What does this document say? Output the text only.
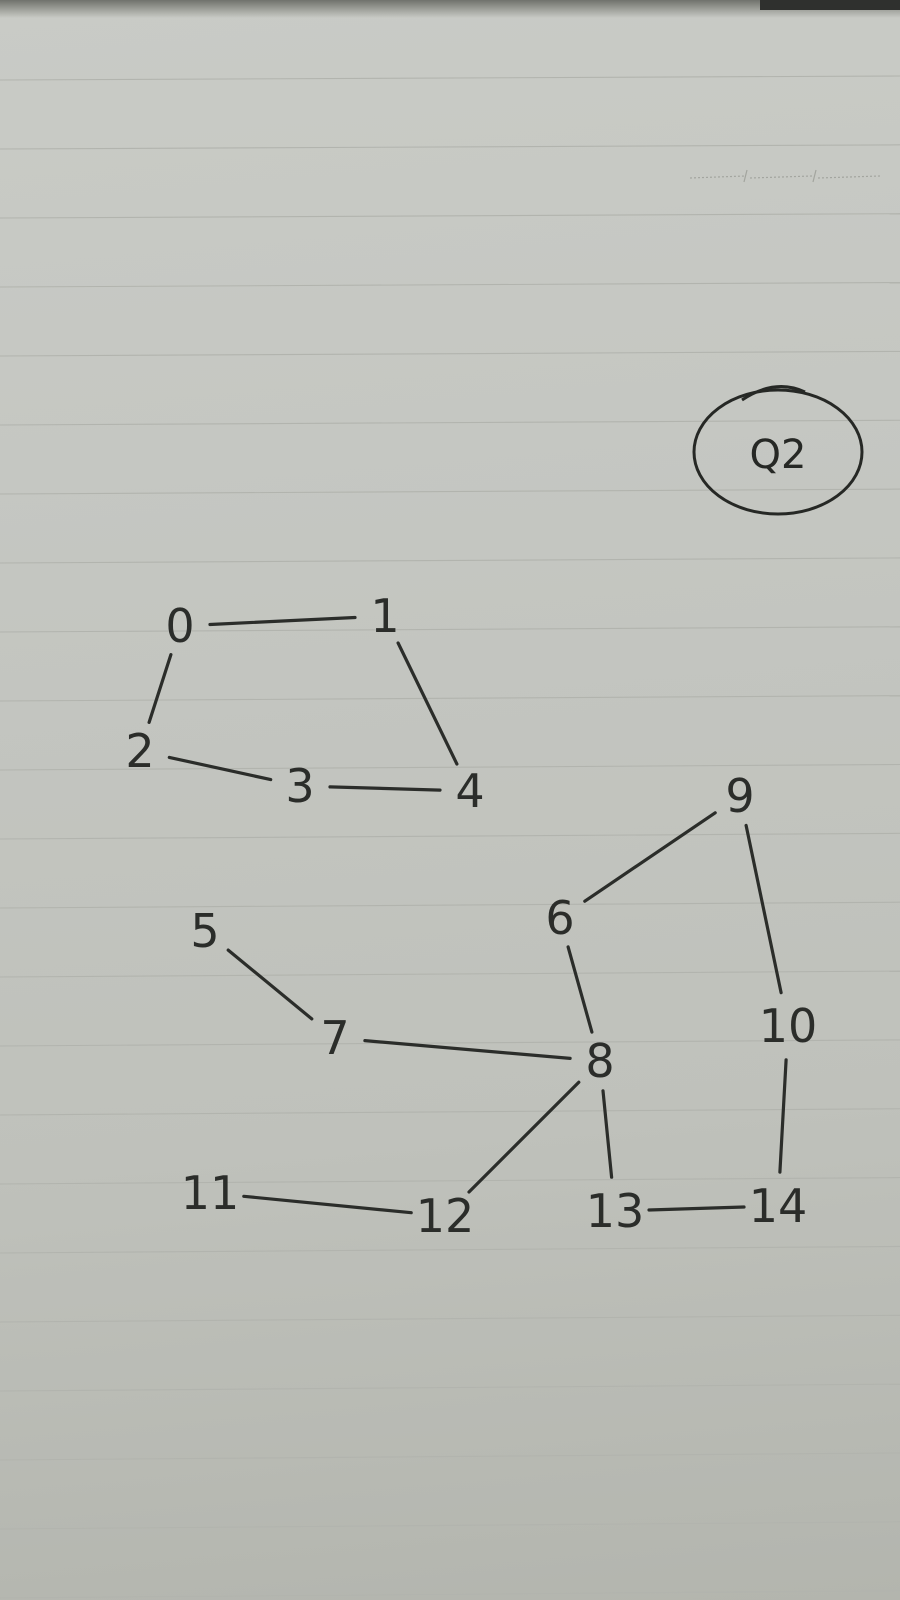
Q2
0	1
2
3	4
5	6
7	8
9
10
11	12 13 14
